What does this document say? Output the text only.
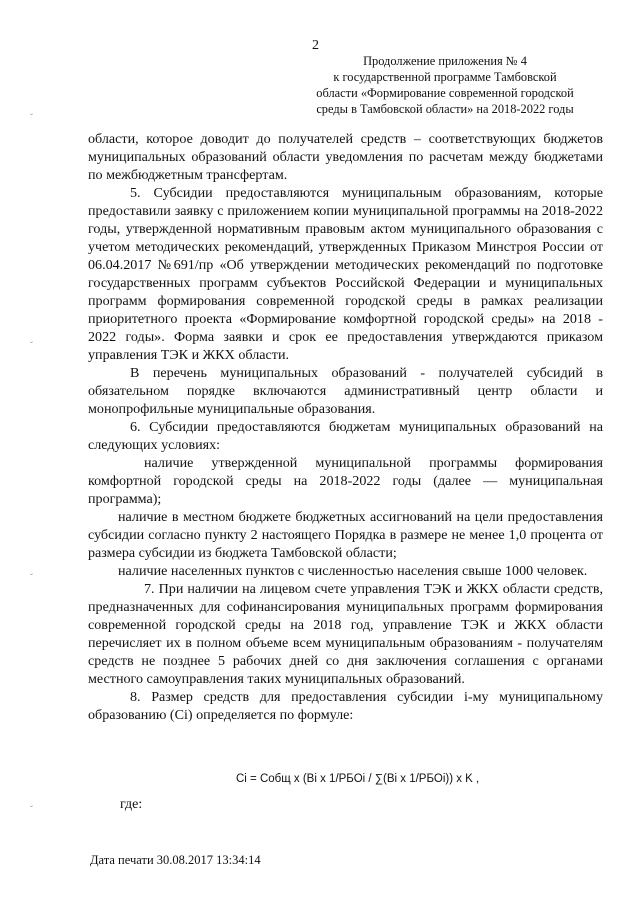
2
Продолжение приложения № 4
к государственной программе Тамбовской
области «Формирование современной городской
среды в Тамбовской области» на 2018-2022 годы
ˇ
ˇ
ˇ
ˇ

области, которое доводит до получателей средств – соответствующих бюджетов муниципальных образований области уведомления по расчетам между бюджетами по межбюджетным трансфертам.

5. Субсидии предоставляются муниципальным образованиям, которые предоставили заявку с приложением копии муниципальной программы на 2018-2022 годы, утвержденной нормативным правовым актом муниципального образования с учетом методических рекомендаций, утвержденных Приказом Минстроя России от 06.04.2017 №691/пр «Об утверждении методических рекомендаций по подготовке государственных программ субъектов Российской Федерации и муниципальных программ формирования современной городской среды в рамках реализации приоритетного проекта «Формирование комфортной городской среды» на 2018 - 2022 годы». Форма заявки и срок ее предоставления утверждаются приказом управления ТЭК и ЖКХ области.

В перечень муниципальных образований - получателей субсидий в обязательном порядке включаются административный центр области и монопрофильные муниципальные образования.

6. Субсидии предоставляются бюджетам муниципальных образований на следующих условиях:

наличие утвержденной муниципальной программы формирования комфортной городской среды на 2018-2022 годы (далее — муниципальная программа);

наличие в местном бюджете бюджетных ассигнований на цели предоставления субсидии согласно пункту 2 настоящего Порядка в размере не менее 1,0 процента от размера субсидии из бюджета Тамбовской области;

наличие населенных пунктов с численностью населения свыше 1000 человек.

7. При наличии на лицевом счете управления ТЭК и ЖКХ области средств, предназначенных для софинансирования муниципальных программ формирования современной городской среды на 2018 год, управление ТЭК и ЖКХ области перечисляет их в полном объеме всем муниципальным образованиям - получателям средств не позднее 5 рабочих дней со дня заключения соглашения с органами местного самоуправления таких муниципальных образований.

8. Размер средств для предоставления субсидии i-му муниципальному образованию (Ci) определяется по формуле:

Ci = Собщ x (Bi x 1/РБОi / ∑(Bi x 1/РБОi)) x K ,
где:
Дата печати 30.08.2017 13:34:14
